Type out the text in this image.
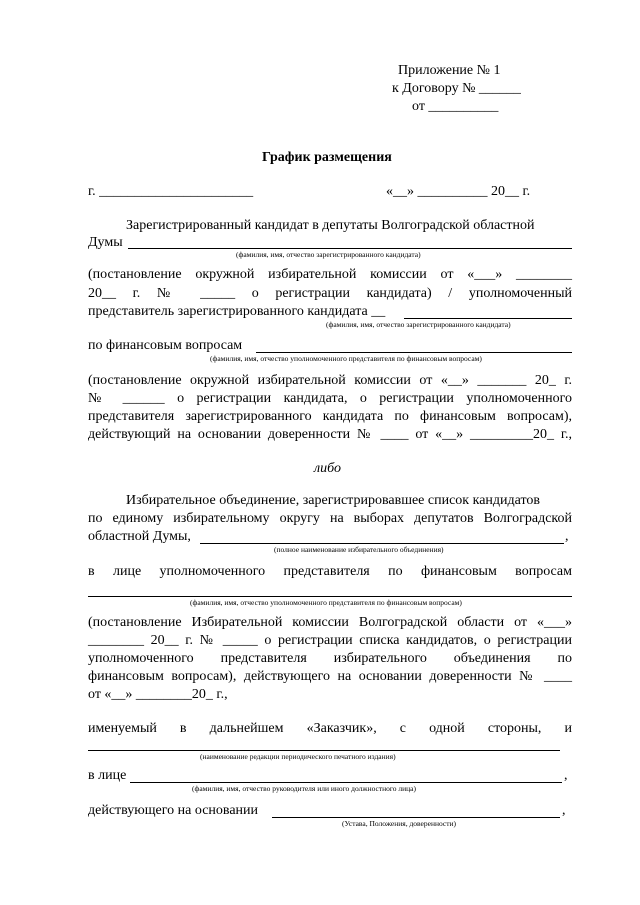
Приложение № 1
к Договору № ______
от __________
График размещения
г. ______________________	«__» __________ 20__ г.
Зарегистрированный кандидат в депутаты Волгоградской областной
Думы
(фамилия, имя, отчество зарегистрированного кандидата)
(постановление окружной избирательной комиссии от «___» ________
20__ г. № _____ о регистрации кандидата) / уполномоченный
представитель зарегистрированного кандидата __
(фамилия, имя, отчество зарегистрированного кандидата)
по финансовым вопросам
(фамилия, имя, отчество уполномоченного представителя по финансовым вопросам)
(постановление окружной избирательной комиссии от «__» _______ 20_ г.
№ ______ о регистрации кандидата, о регистрации уполномоченного
представителя зарегистрированного кандидата по финансовым вопросам),
действующий на основании доверенности № ____ от «__» _________20_ г.,
либо
Избирательное объединение, зарегистрировавшее список кандидатов
по единому избирательному округу на выборах депутатов Волгоградской
областной Думы,	,
(полное наименование избирательного объединения)
в лице уполномоченного представителя по финансовым вопросам
(фамилия, имя, отчество уполномоченного представителя по финансовым вопросам)
(постановление Избирательной комиссии Волгоградской области от «___»
________ 20__ г. № _____ о регистрации списка кандидатов, о регистрации
уполномоченного представителя избирательного объединения по
финансовым вопросам), действующего на основании доверенности № ____
от «__» ________20_ г.,
именуемый в дальнейшем «Заказчик», с одной стороны, и
(наименование редакции периодического печатного издания)
в лице	,
(фамилия, имя, отчество руководителя или иного должностного лица)
действующего на основании	,
(Устава, Положения, доверенности)
